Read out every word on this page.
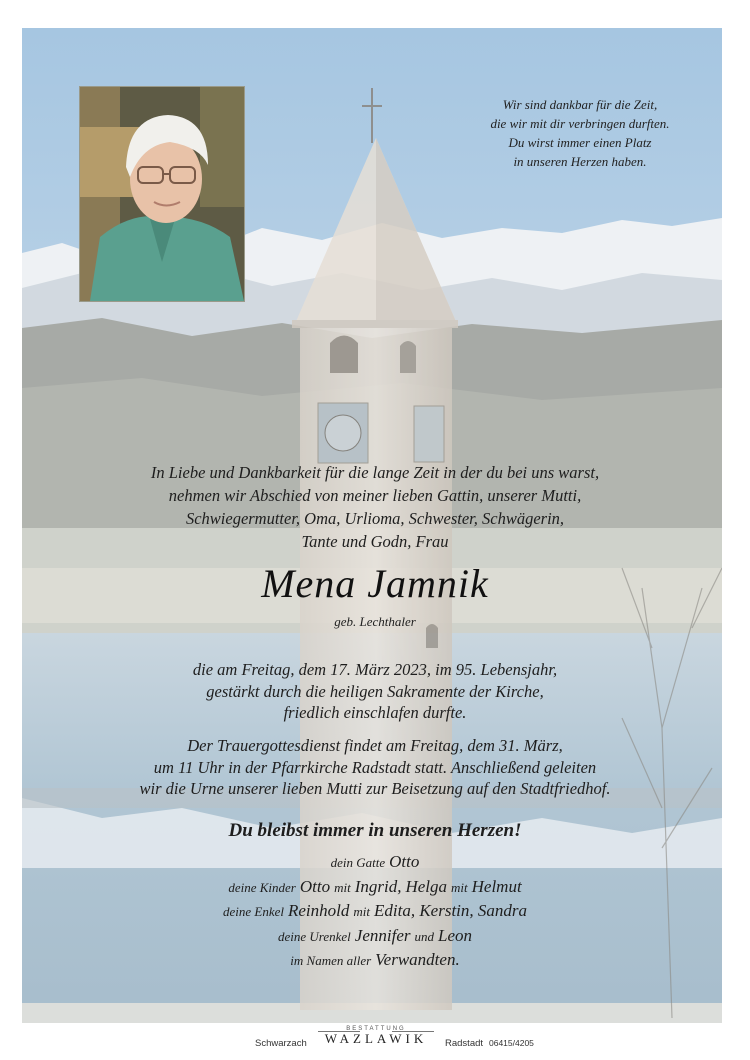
Wir sind dankbar für die Zeit,
die wir mit dir verbringen durften.
Du wirst immer einen Platz
in unseren Herzen haben.
In Liebe und Dankbarkeit für die lange Zeit in der du bei uns warst,
nehmen wir Abschied von meiner lieben Gattin, unserer Mutti,
Schwiegermutter, Oma, Urlioma, Schwester, Schwägerin,
Tante und Godn, Frau
Mena Jamnik
geb. Lechthaler
die am Freitag, dem 17. März 2023, im 95. Lebensjahr,
gestärkt durch die heiligen Sakramente der Kirche,
friedlich einschlafen durfte.
Der Trauergottesdienst findet am Freitag, dem 31. März,
um 11 Uhr in der Pfarrkirche Radstadt statt. Anschließend geleiten
wir die Urne unserer lieben Mutti zur Beisetzung auf den Stadtfriedhof.
Du bleibst immer in unseren Herzen!
dein Gatte Otto
deine Kinder Otto mit Ingrid, Helga mit Helmut
deine Enkel Reinhold mit Edita, Kerstin, Sandra
deine Urenkel Jennifer und Leon
im Namen aller Verwandten.
Schwarzach
BESTATTUNG
WAZLAWIK	Radstadt 06415/4205
